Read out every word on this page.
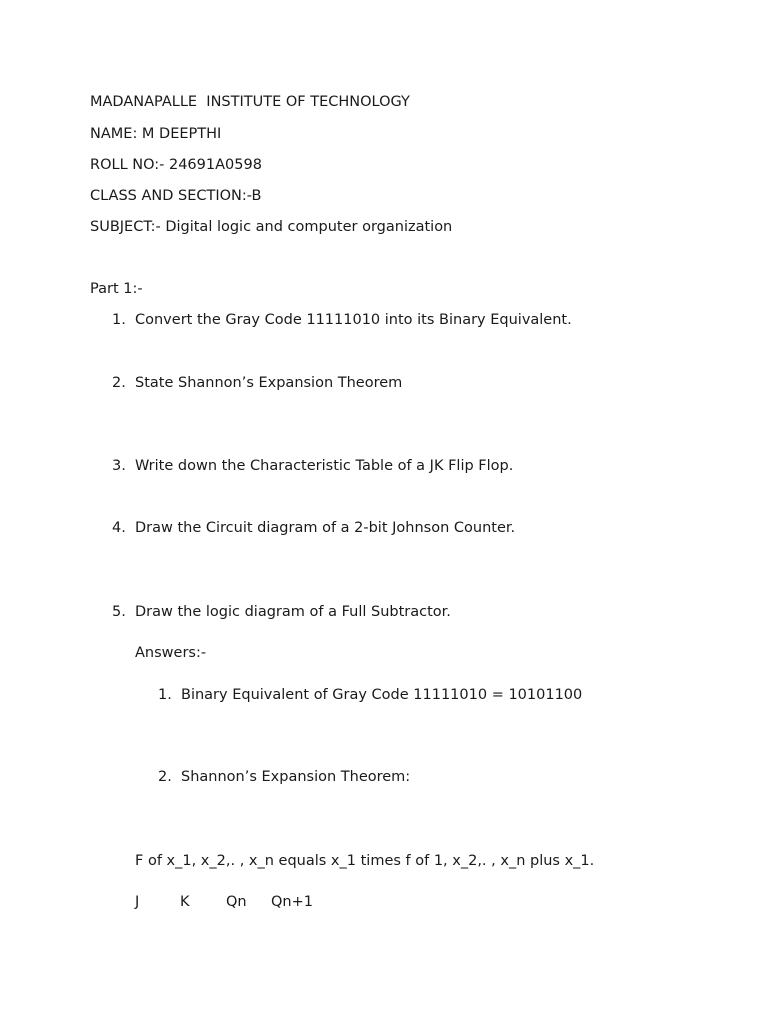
MADANAPALLE  INSTITUTE OF TECHNOLOGY
NAME: M DEEPTHI
ROLL NO:- 24691A0598
CLASS AND SECTION:-B
SUBJECT:- Digital logic and computer organization
Part 1:-
1. Convert the Gray Code 11111010 into its Binary Equivalent.
2. State Shannon’s Expansion Theorem
3. Write down the Characteristic Table of a JK Flip Flop.
4. Draw the Circuit diagram of a 2-bit Johnson Counter.
5. Draw the logic diagram of a Full Subtractor.
Answers:-
1. Binary Equivalent of Gray Code 11111010 = 10101100
2. Shannon’s Expansion Theorem:
F of x_1, x_2,. , x_n equals x_1 times f of 1, x_2,. , x_n plus x_1.
J	K	Qn Qn+1
